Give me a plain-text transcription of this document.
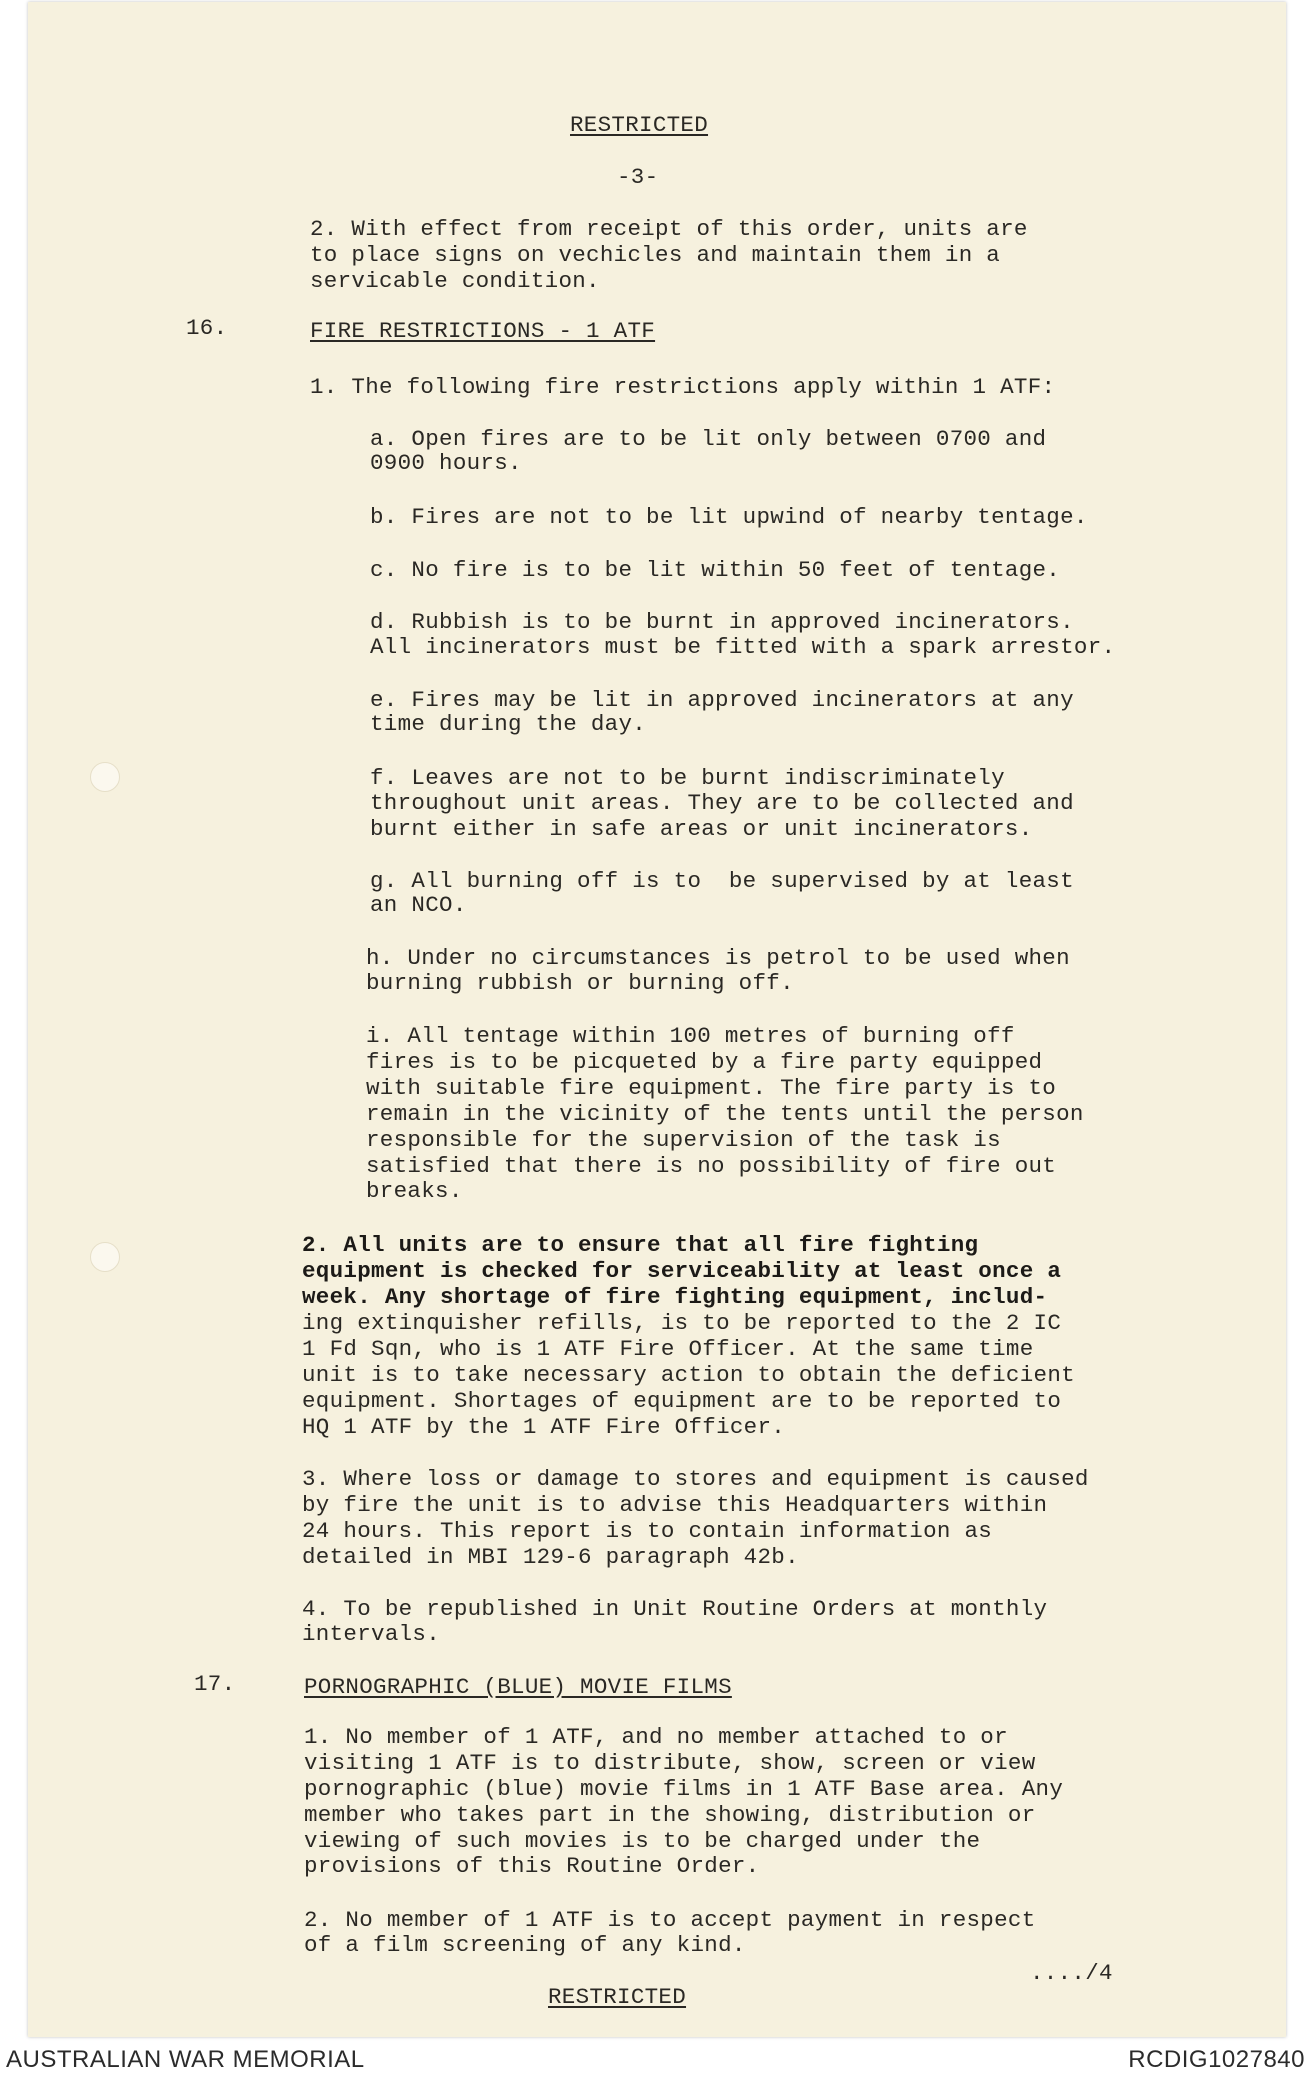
RESTRICTED
-3-
2. With effect from receipt of this order, units are
to place signs on vechicles and maintain them in a
servicable condition.
16.	FIRE RESTRICTIONS - 1 ATF
1. The following fire restrictions apply within 1 ATF:
a. Open fires are to be lit only between 0700 and
0900 hours.
b. Fires are not to be lit upwind of nearby tentage.
c. No fire is to be lit within 50 feet of tentage.
d. Rubbish is to be burnt in approved incinerators.
All incinerators must be fitted with a spark arrestor.
e. Fires may be lit in approved incinerators at any
time during the day.
f. Leaves are not to be burnt indiscriminately
throughout unit areas. They are to be collected and
burnt either in safe areas or unit incinerators.
g. All burning off is to  be supervised by at least
an NCO.
h. Under no circumstances is petrol to be used when
burning rubbish or burning off.
i. All tentage within 100 metres of burning off
fires is to be picqueted by a fire party equipped
with suitable fire equipment. The fire party is to
remain in the vicinity of the tents until the person
responsible for the supervision of the task is
satisfied that there is no possibility of fire out
breaks.
2. All units are to ensure that all fire fighting
equipment is checked for serviceability at least once a
week. Any shortage of fire fighting equipment, includ-
ing extinquisher refills, is to be reported to the 2 IC
1 Fd Sqn, who is 1 ATF Fire Officer. At the same time
unit is to take necessary action to obtain the deficient
equipment. Shortages of equipment are to be reported to
HQ 1 ATF by the 1 ATF Fire Officer.
3. Where loss or damage to stores and equipment is caused
by fire the unit is to advise this Headquarters within
24 hours. This report is to contain information as
detailed in MBI 129-6 paragraph 42b.
4. To be republished in Unit Routine Orders at monthly
intervals.
17.	PORNOGRAPHIC (BLUE) MOVIE FILMS
1. No member of 1 ATF, and no member attached to or
visiting 1 ATF is to distribute, show, screen or view
pornographic (blue) movie films in 1 ATF Base area. Any
member who takes part in the showing, distribution or
viewing of such movies is to be charged under the
provisions of this Routine Order.
2. No member of 1 ATF is to accept payment in respect
of a film screening of any kind.
..../4
RESTRICTED
AUSTRALIAN WAR MEMORIAL	RCDIG1027840
